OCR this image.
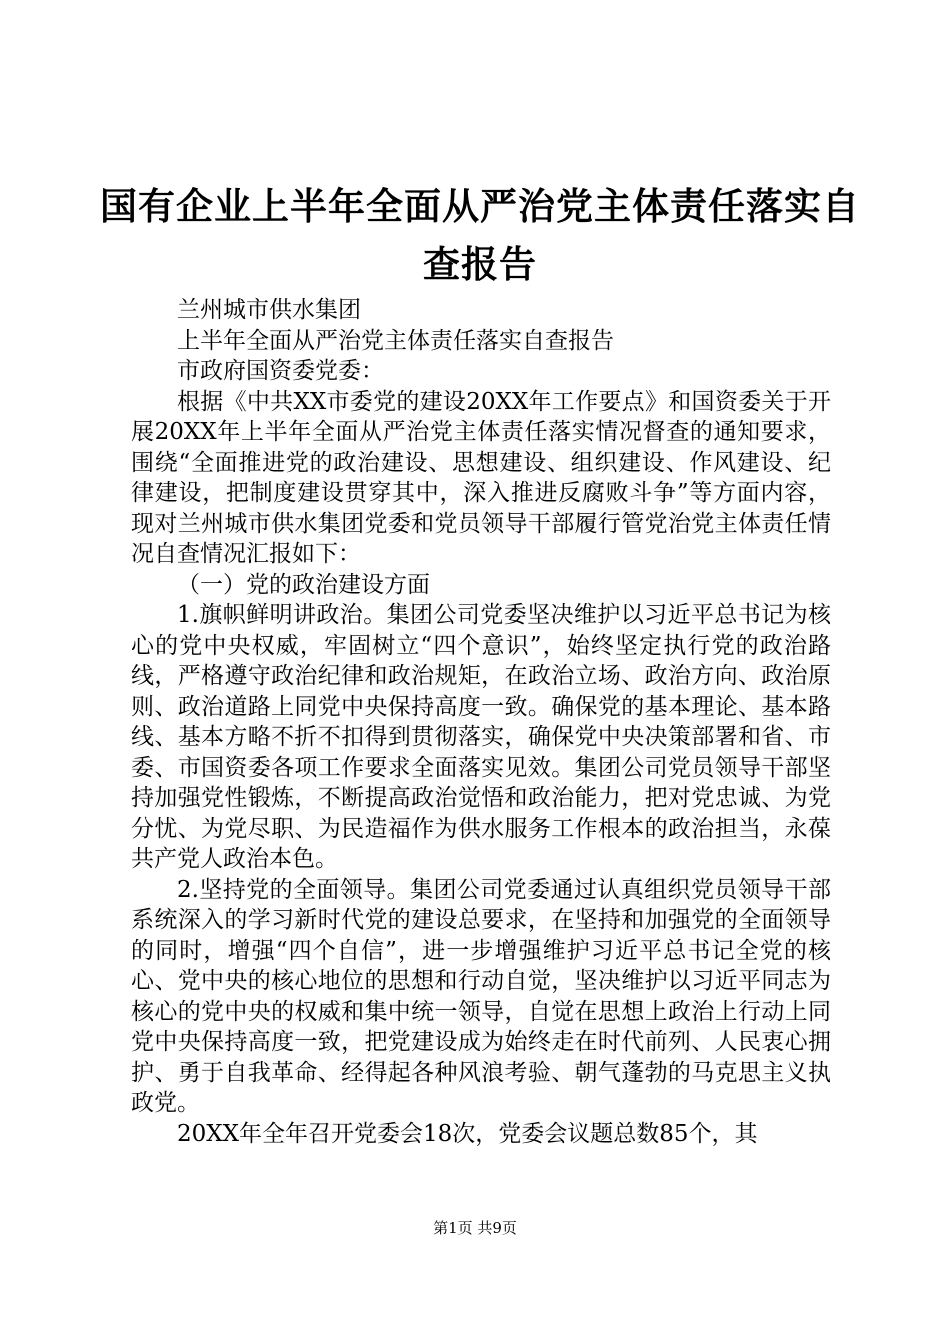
国有企业上半年全面从严治党主体责任落实自查报告

兰州城市供水集团

上半年全面从严治党主体责任落实自查报告

市政府国资委党委：

根据《中共XX市委党的建设20XX年工作要点》和国资委关于开展20XX年上半年全面从严治党主体责任落实情况督查的通知要求，围绕“全面推进党的政治建设、思想建设、组织建设、作风建设、纪律建设，把制度建设贯穿其中，深入推进反腐败斗争”等方面内容，现对兰州城市供水集团党委和党员领导干部履行管党治党主体责任情况自查情况汇报如下：

（一）党的政治建设方面

1.旗帜鲜明讲政治。集团公司党委坚决维护以习近平总书记为核心的党中央权威，牢固树立“四个意识”，始终坚定执行党的政治路线，严格遵守政治纪律和政治规矩，在政治立场、政治方向、政治原则、政治道路上同党中央保持高度一致。确保党的基本理论、基本路线、基本方略不折不扣得到贯彻落实，确保党中央决策部署和省、市委、市国资委各项工作要求全面落实见效。集团公司党员领导干部坚持加强党性锻炼，不断提高政治觉悟和政治能力，把对党忠诚、为党分忧、为党尽职、为民造福作为供水服务工作根本的政治担当，永葆共产党人政治本色。

2.坚持党的全面领导。集团公司党委通过认真组织党员领导干部系统深入的学习新时代党的建设总要求，在坚持和加强党的全面领导的同时，增强“四个自信”，进一步增强维护习近平总书记全党的核心、党中央的核心地位的思想和行动自觉，坚决维护以习近平同志为核心的党中央的权威和集中统一领导，自觉在思想上政治上行动上同党中央保持高度一致，把党建设成为始终走在时代前列、人民衷心拥护、勇于自我革命、经得起各种风浪考验、朝气蓬勃的马克思主义执政党。

20XX年全年召开党委会18次，党委会议题总数85个，其

第1页 共9页
